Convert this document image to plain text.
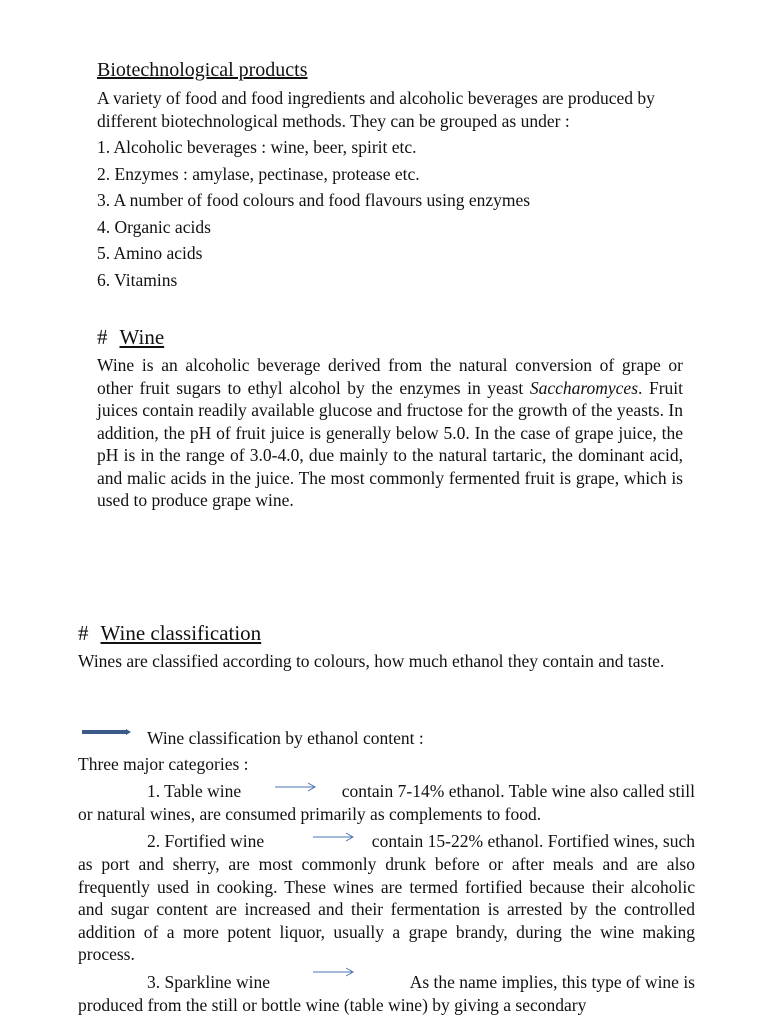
Biotechnological products
A variety of food and food ingredients and alcoholic beverages are produced by different biotechnological methods. They can be grouped as under :
1. Alcoholic beverages : wine, beer, spirit etc.
2. Enzymes : amylase, pectinase, protease etc.
3. A number of food colours and food flavours using enzymes
4. Organic acids
5. Amino acids
6. Vitamins
# Wine
Wine is an alcoholic beverage derived from the natural conversion of grape or other fruit sugars to ethyl alcohol by the enzymes in yeast Saccharomyces. Fruit juices contain readily available glucose and fructose for the growth of the yeasts. In addition, the pH of fruit juice is generally below 5.0. In the case of grape juice, the pH is in the range of 3.0-4.0, due mainly to the natural tartaric, the dominant acid, and malic acids in the juice. The most commonly fermented fruit is grape, which is used to produce grape wine.
# Wine classification
Wines are classified according to colours, how much ethanol they contain and taste.
Wine classification by ethanol content :
Three major categories :
1. Table wine	contain 7-14% ethanol. Table wine also called still
or natural wines, are consumed primarily as complements to food.
2. Fortified wine	contain 15-22% ethanol. Fortified wines, such
as port and sherry, are most commonly drunk before or after meals and are also frequently used in cooking. These wines are termed fortified because their alcoholic and sugar content are increased and their fermentation is arrested by the controlled addition of a more potent liquor, usually a grape brandy, during the wine making process.
3. Sparkline wine	As the name implies, this type of wine is
produced from the still or bottle wine (table wine) by giving a secondary
